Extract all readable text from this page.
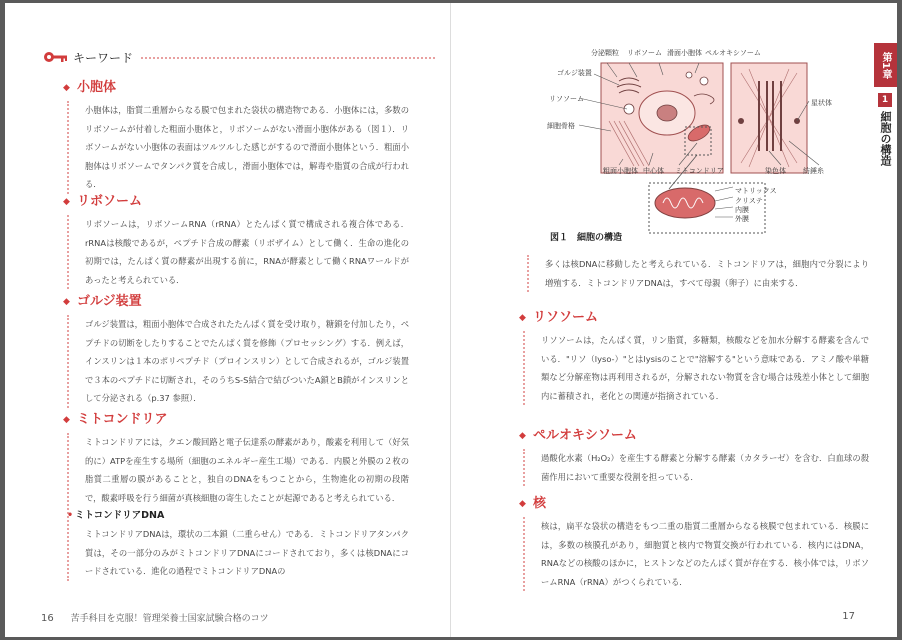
キーワード
◆ 小胞体
小胞体は，脂質二重層からなる膜で包まれた袋状の構造物である．小胞体には，多数のリボソームが付着した粗面小胞体と，リボソームがない滑面小胞体がある（図１）．リボソームがない小胞体の表面はツルツルした感じがするので滑面小胞体という．粗面小胞体はリボソームでタンパク質を合成し，滑面小胞体では，解毒や脂質の合成が行われる．
◆ リボソーム
リボソームは，リボソームRNA（rRNA）とたんぱく質で構成される複合体である．rRNAは核酸であるが，ペプチド合成の酵素（リボザイム）として働く．生命の進化の初期では，たんぱく質の酵素が出現する前に，RNAが酵素として働くRNAワールドがあったと考えられている．
◆ ゴルジ装置
ゴルジ装置は，粗面小胞体で合成されたたんぱく質を受け取り，糖鎖を付加したり，ペプチドの切断をしたりすることでたんぱく質を修飾（プロセッシング）する．例えば，インスリンは１本のポリペプチド（プロインスリン）として合成されるが，ゴルジ装置で３本のペプチドに切断され，そのうちS-S結合で結びついたA鎖とB鎖がインスリンとして分泌される（p.37 参照）．
◆ ミトコンドリア
ミトコンドリアには，クエン酸回路と電子伝達系の酵素があり，酸素を利用して（好気的に）ATPを産生する場所（細胞のエネルギー産生工場）である．内膜と外膜の２枚の脂質二重層の膜があることと，独自のDNAをもつことから，生物進化の初期の段階で，酸素呼吸を行う細菌が真核細胞の寄生したことが起源であると考えられている．
• ミトコンドリアDNA
ミトコンドリアDNAは，環状の二本鎖（二重らせん）である．ミトコンドリアタンパク質は，その一部分のみがミトコンドリアDNAにコードされており，多くは核DNAにコードされている．進化の過程でミトコンドリアDNAの
16 苦手科目を克服！管理栄養士国家試験合格のコツ
分泌顆粒 リボソーム 滑面小胞体 ペルオキシソーム
ゴルジ装置
リソソーム
細胞骨格
粗面小胞体 中心体 ミトコンドリア
星状体
染色体 紡錘糸
マトリックス
クリステ
内膜
外膜
図１　細胞の構造
多くは核DNAに移動したと考えられている．ミトコンドリアは，細胞内で分裂により増殖する．ミトコンドリアDNAは，すべて母親（卵子）に由来する．
◆ リソソーム
リソソームは，たんぱく質，リン脂質，多糖類，核酸などを加水分解する酵素を含んでいる．"リソ（lyso-）"とはlysisのことで"溶解する"という意味である．アミノ酸や単糖類など分解産物は再利用されるが，分解されない物質を含む場合は残差小体として細胞内に蓄積され，老化との関連が指摘されている．
◆ ペルオキシソーム
過酸化水素（H₂O₂）を産生する酵素と分解する酵素（カタラーゼ）を含む．白血球の殺菌作用において重要な役割を担っている．
◆ 核
核は，扁平な袋状の構造をもつ二重の脂質二重層からなる核膜で包まれている．核膜には，多数の核膜孔があり，細胞質と核内で物質交換が行われている．核内にはDNA，RNAなどの核酸のほかに，ヒストンなどのたんぱく質が存在する．核小体では，リボソームRNA（rRNA）がつくられている．
第1章
1
細胞の構造
17
